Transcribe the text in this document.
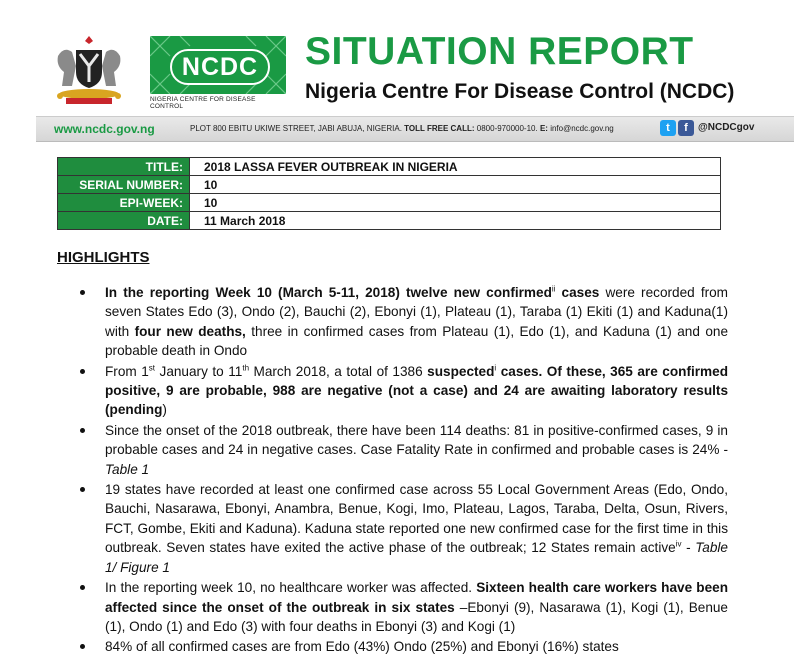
NCDC
NIGERIA CENTRE FOR DISEASE CONTROL
SITUATION REPORT
Nigeria Centre For Disease Control (NCDC)
www.ncdc.gov.ng	PLOT 800 EBITU UKIWE STREET, JABI ABUJA, NIGERIA. TOLL FREE CALL: 0800-970000-10. E: info@ncdc.gov.ng	t	f	@NCDCgov
TITLE:	2018 LASSA FEVER OUTBREAK IN NIGERIA
SERIAL NUMBER:	10
EPI-WEEK:	10
DATE:	11 March 2018
HIGHLIGHTS
In the reporting Week 10 (March 5-11, 2018) twelve new confirmed$^{ii}$ cases were recorded from seven States Edo (3), Ondo (2), Bauchi (2), Ebonyi (1), Plateau (1), Taraba (1) Ekiti (1) and Kaduna(1) with four new deaths, three in confirmed cases from Plateau (1), Edo (1), and Kaduna (1) and one probable death in Ondo
From 1st January to 11th March 2018, a total of 1386 suspected$^i$ cases. Of these, 365 are confirmed positive, 9 are probable, 988 are negative (not a case) and 24 are awaiting laboratory results (pending)
Since the onset of the 2018 outbreak, there have been 114 deaths: 81 in positive-confirmed cases, 9 in probable cases and 24 in negative cases. Case Fatality Rate in confirmed and probable cases is 24% -Table 1
19 states have recorded at least one confirmed case across 55 Local Government Areas (Edo, Ondo, Bauchi, Nasarawa, Ebonyi, Anambra, Benue, Kogi, Imo, Plateau, Lagos, Taraba, Delta, Osun, Rivers, FCT, Gombe, Ekiti and Kaduna). Kaduna state reported one new confirmed case for the first time in this outbreak. Seven states have exited the active phase of the outbreak; 12 States remain active$^{iv}$ - Table 1/ Figure 1
In the reporting week 10, no healthcare worker was affected. Sixteen health care workers have been affected since the onset of the outbreak in six states –Ebonyi (9), Nasarawa (1), Kogi (1), Benue (1), Ondo (1) and Edo (3) with four deaths in Ebonyi (3) and Kogi (1)
84% of all confirmed cases are from Edo (43%) Ondo (25%) and Ebonyi (16%) states
